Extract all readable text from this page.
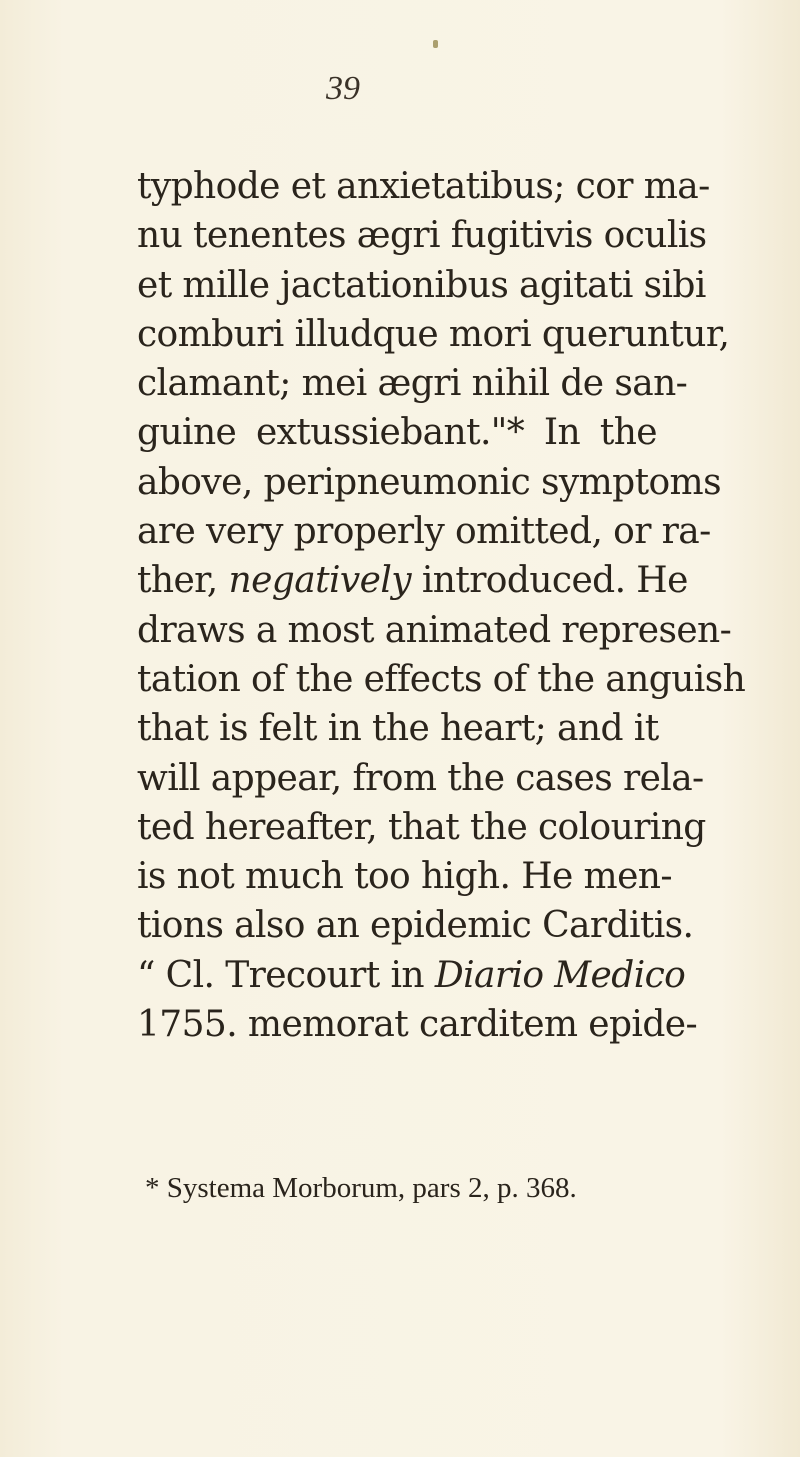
39

typhode et anxietatibus; cor ma-
nu tenentes ægri fugitivis oculis
et mille jactationibus agitati sibi
comburi illudque mori queruntur,
clamant; mei ægri nihil de san-
guine extussiebant."* In the
above, peripneumonic symptoms
are very properly omitted, or ra-
ther, negatively introduced. He
draws a most animated represen-
tation of the effects of the anguish
that is felt in the heart; and it
will appear, from the cases rela-
ted hereafter, that the colouring
is not much too high. He men-
tions also an epidemic Carditis.
“ Cl. Trecourt in Diario Medico
1755. memorat carditem epide-

* Systema Morborum, pars 2, p. 368.
